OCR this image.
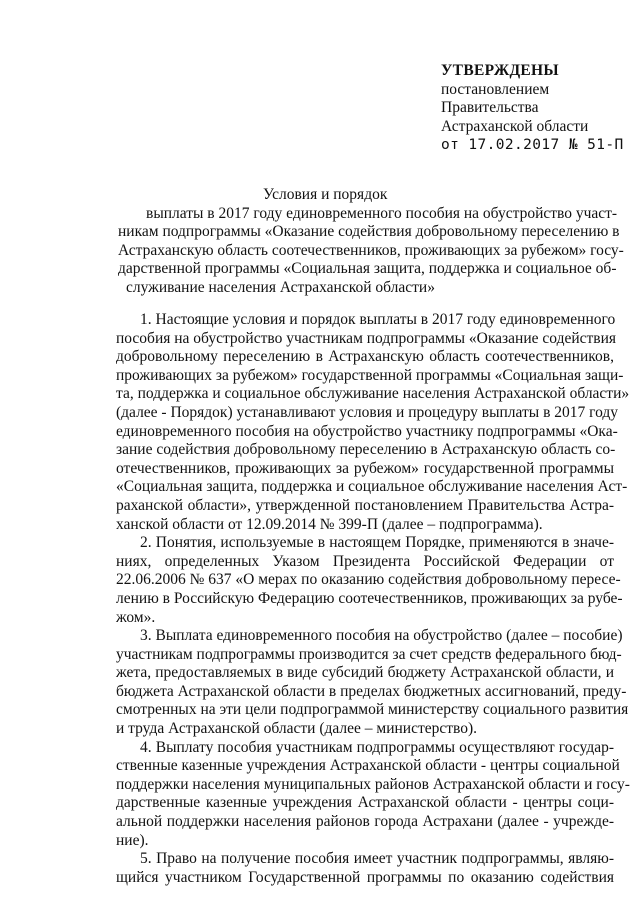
УТВЕРЖДЕНЫ
постановлением
Правительства
Астраханской области
от 17.02.2017 № 51-П
Условия и порядок
выплаты в 2017 году единовременного пособия на обустройство участ-
никам подпрограммы «Оказание содействия добровольному переселению в
Астраханскую область соотечественников, проживающих за рубежом» госу-
дарственной программы «Социальная защита, поддержка и социальное об-
служивание населения Астраханской области»
1. Настоящие условия и порядок выплаты в 2017 году единовременного
пособия на обустройство участникам подпрограммы «Оказание содействия
добровольному переселению в Астраханскую область соотечественников,
проживающих за рубежом» государственной программы «Социальная защи-
та, поддержка и социальное обслуживание населения Астраханской области»
(далее - Порядок) устанавливают условия и процедуру выплаты в 2017 году
единовременного пособия на обустройство участнику подпрограммы «Ока-
зание содействия добровольному переселению в Астраханскую область со-
отечественников, проживающих за рубежом» государственной программы
«Социальная защита, поддержка и социальное обслуживание населения Аст-
раханской области», утвержденной постановлением Правительства Астра-
ханской области от 12.09.2014 № 399-П (далее – подпрограмма).
2. Понятия, используемые в настоящем Порядке, применяются в значе-
ниях, определенных Указом Президента Российской Федерации от
22.06.2006 № 637 «О мерах по оказанию содействия добровольному пересе-
лению в Российскую Федерацию соотечественников, проживающих за рубе-
жом».
3. Выплата единовременного пособия на обустройство (далее – пособие)
участникам подпрограммы производится за счет средств федерального бюд-
жета, предоставляемых в виде субсидий бюджету Астраханской области, и
бюджета Астраханской области в пределах бюджетных ассигнований, преду-
смотренных на эти цели подпрограммой министерству социального развития
и труда Астраханской области (далее – министерство).
4. Выплату пособия участникам подпрограммы осуществляют госудаp-
ственные казенные учреждения Астраханской области - центры социальной
поддержки населения муниципальных районов Астраханской области и госу-
дарственные казенные учреждения Астраханской области - центры соци-
альной поддержки населения районов города Астрахани (далее - учрежде-
ние).
5. Право на получение пособия имеет участник подпрограммы, являю-
щийся участником Государственной программы по оказанию содействия
